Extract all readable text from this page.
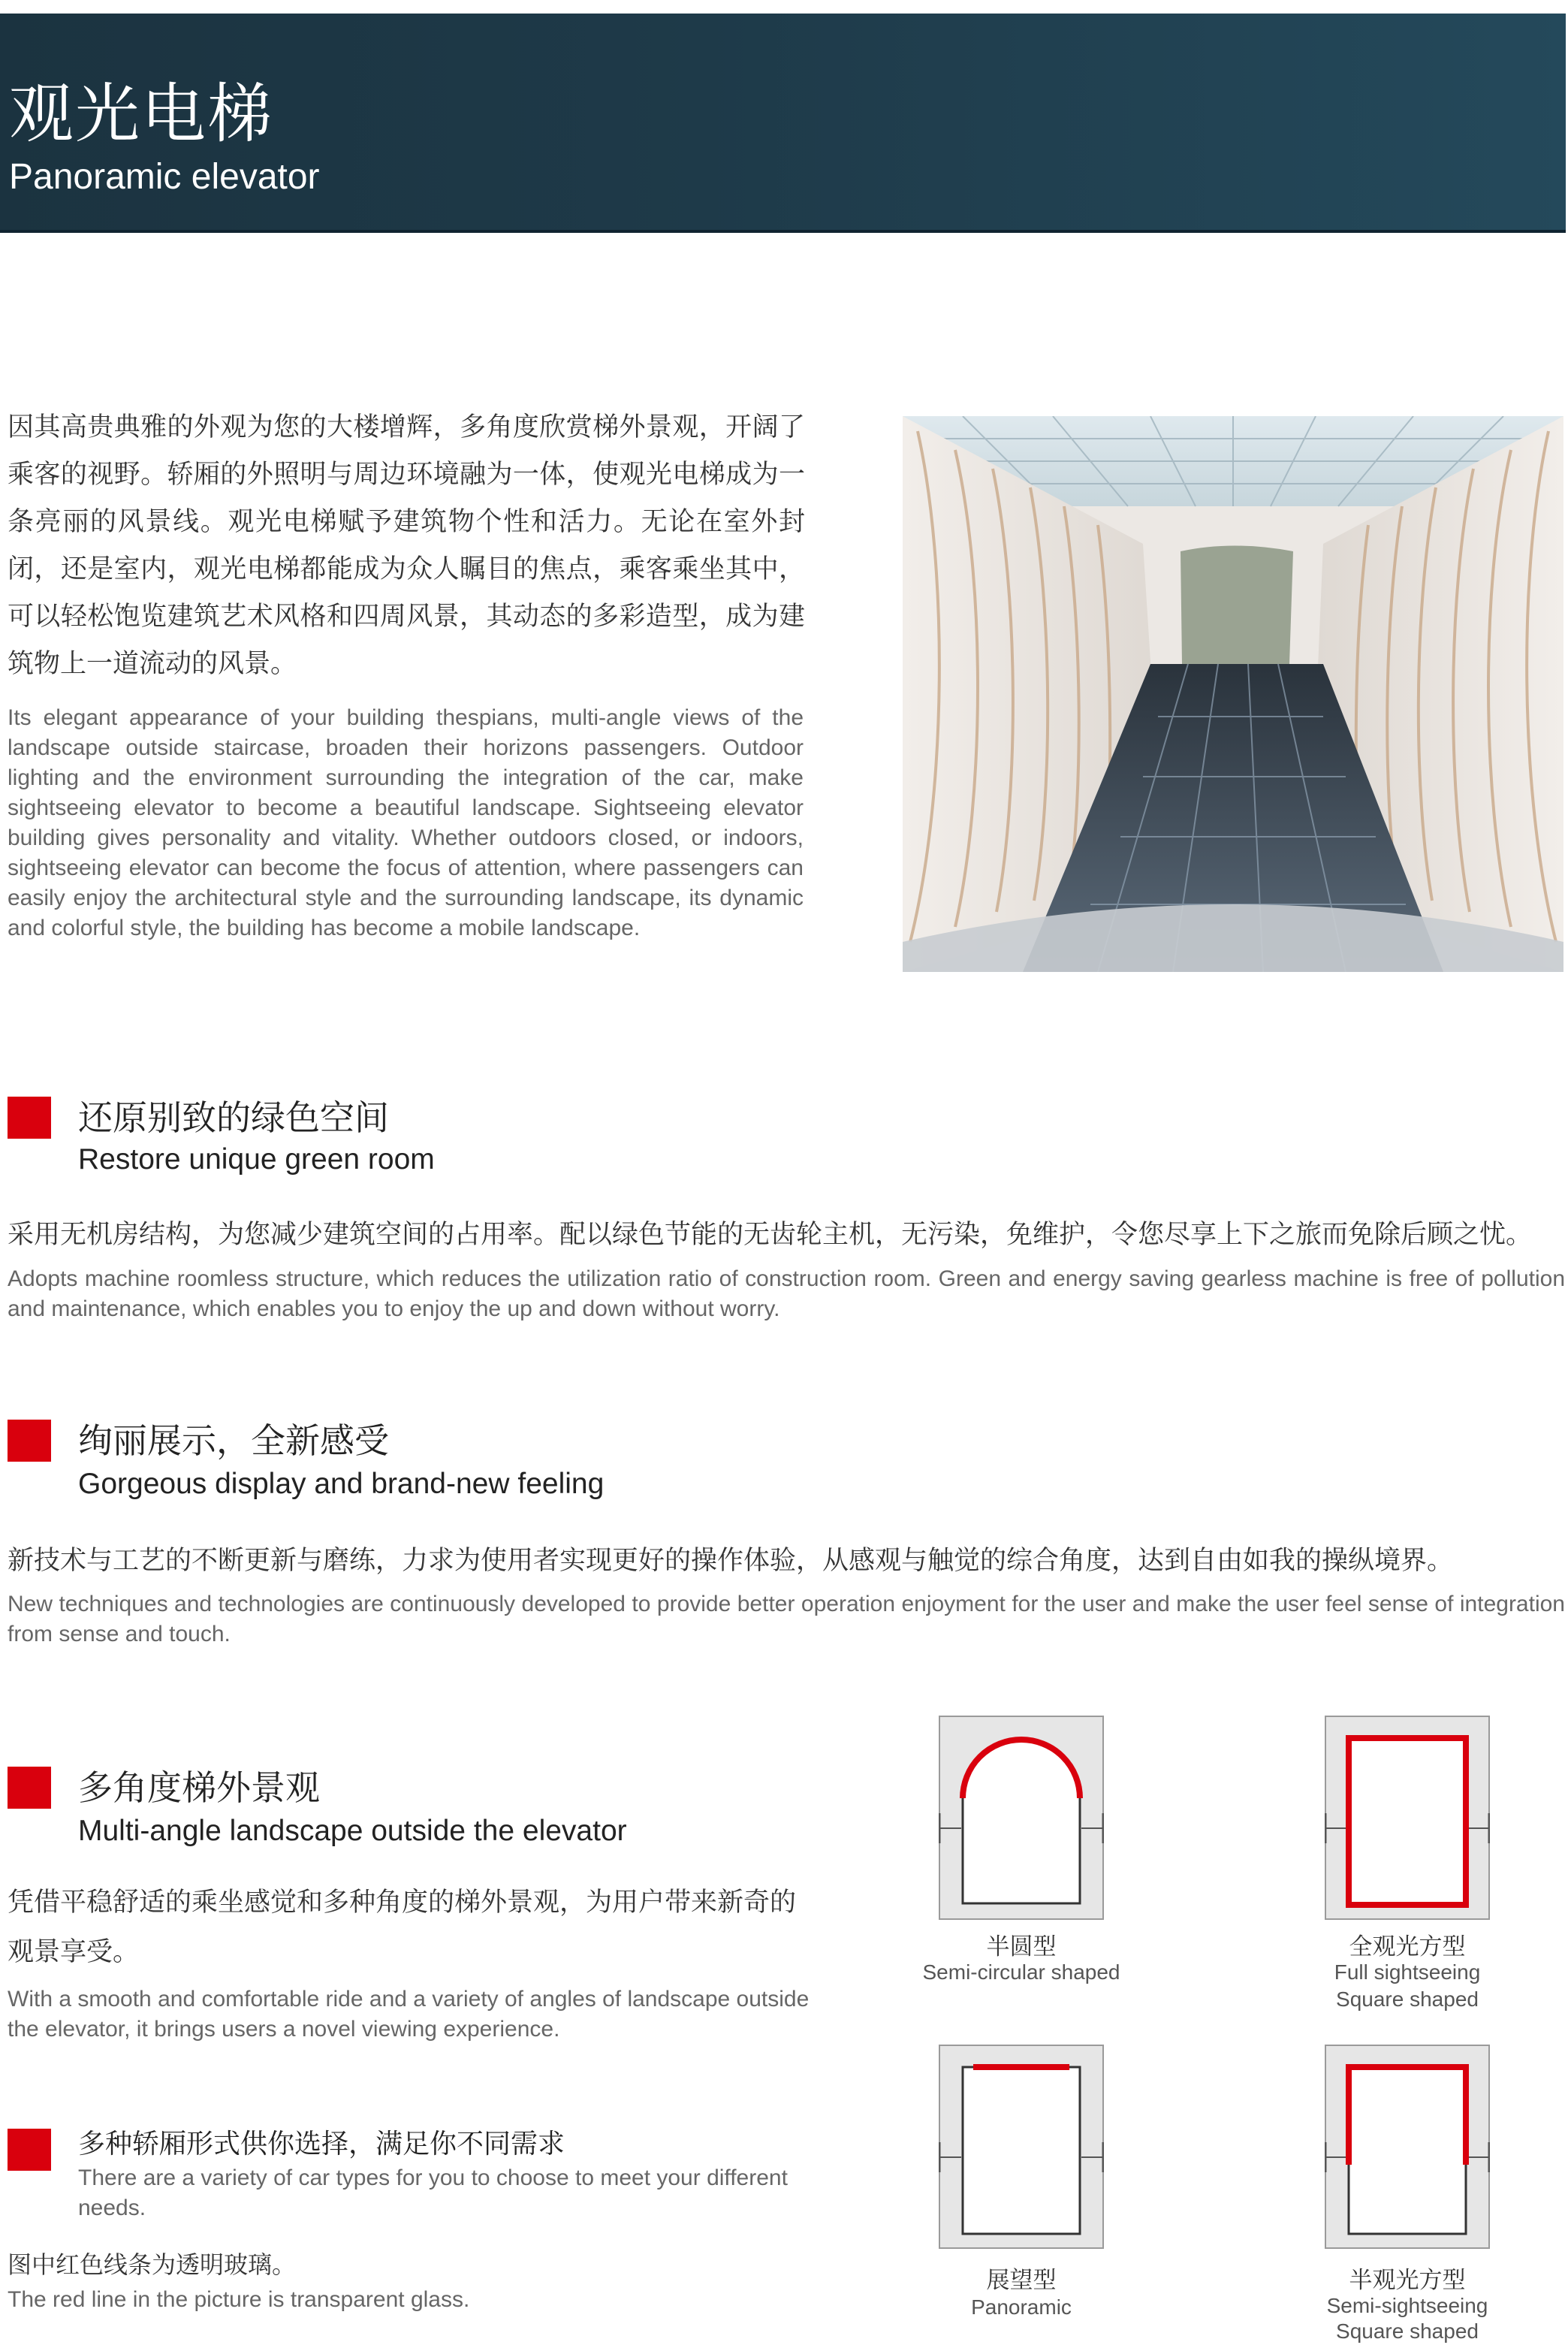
观光电梯
Panoramic elevator
因其高贵典雅的外观为您的大楼增辉，多角度欣赏梯外景观，开阔了乘客的视野。轿厢的外照明与周边环境融为一体，使观光电梯成为一条亮丽的风景线。观光电梯赋予建筑物个性和活力。无论在室外封闭，还是室内，观光电梯都能成为众人瞩目的焦点，乘客乘坐其中，可以轻松饱览建筑艺术风格和四周风景，其动态的多彩造型，成为建筑物上一道流动的风景。
Its elegant appearance of your building thespians, multi-angle views of the landscape outside staircase, broaden their horizons passengers. Outdoor lighting and the environment surrounding the integration of the car, make sightseeing elevator to become a beautiful landscape. Sightseeing elevator building gives personality and vitality. Whether outdoors closed, or indoors, sightseeing elevator can become the focus of attention, where passengers can easily enjoy the architectural style and the surrounding landscape, its dynamic and colorful style, the building has become a mobile landscape.
还原别致的绿色空间
Restore unique green room
采用无机房结构，为您减少建筑空间的占用率。配以绿色节能的无齿轮主机，无污染，免维护，令您尽享上下之旅而免除后顾之忧。
Adopts machine roomless structure, which reduces the utilization ratio of construction room. Green and energy saving gearless machine is free of pollution and maintenance, which enables you to enjoy the up and down without worry.
绚丽展示，全新感受
Gorgeous display and brand-new feeling
新技术与工艺的不断更新与磨练，力求为使用者实现更好的操作体验，从感观与触觉的综合角度，达到自由如我的操纵境界。
New techniques and technologies are continuously developed to provide better operation enjoyment for the user and make the user feel sense of integration from sense and touch.
多角度梯外景观
Multi-angle landscape outside the elevator
凭借平稳舒适的乘坐感觉和多种角度的梯外景观，为用户带来新奇的观景享受。
With a smooth and comfortable ride and a variety of angles of landscape outside the elevator, it brings users a novel viewing experience.
多种轿厢形式供你选择，满足你不同需求
There are a variety of car types for you to choose to meet your different needs.
图中红色线条为透明玻璃。
The red line in the picture is transparent glass.
半圆型
Semi-circular shaped
全观光方型
Full sightseeing
Square shaped
展望型
Panoramic
半观光方型
Semi-sightseeing
Square shaped
